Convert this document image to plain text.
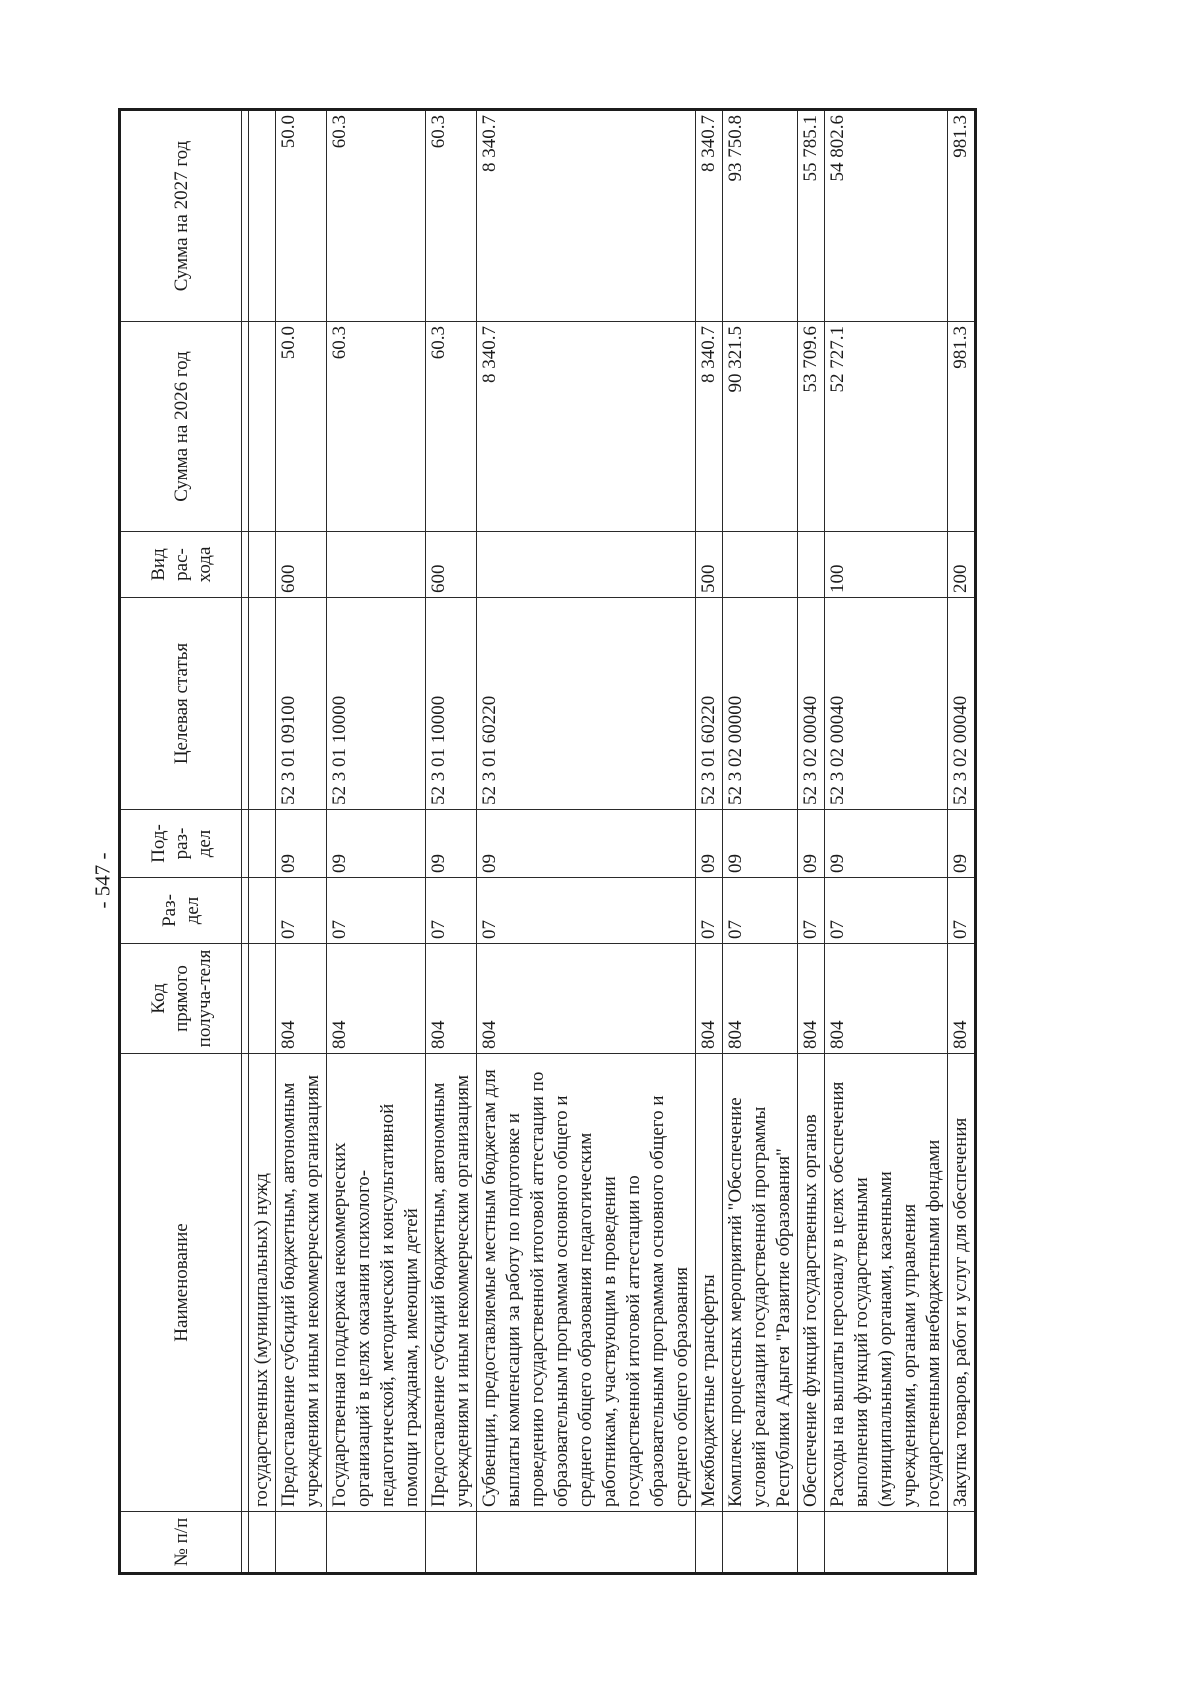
- 547 -
№ п/п	Наименование	Код прямого получа-теля	Раз-дел	Под-раз-дел	Целевая статья	Вид рас-хода	Сумма на 2026 год	Сумма на 2027 год

	государственных (муниципальных) нужд							
	Предоставление субсидий бюджетным, автономным учреждениям и иным некоммерческим организациям	804	07	09	52 3 01 09100	600	50.0	50.0
	Государственная поддержка некоммерческих организаций в целях оказания психолого-педагогической, методической и консультативной помощи гражданам, имеющим детей	804	07	09	52 3 01 10000		60.3	60.3
	Предоставление субсидий бюджетным, автономным учреждениям и иным некоммерческим организациям	804	07	09	52 3 01 10000	600	60.3	60.3
	Субвенции, предоставляемые местным бюджетам для выплаты компенсации за работу по подготовке и проведению государственной итоговой аттестации по образовательным программам основного общего и среднего общего образования педагогическим работникам, участвующим в проведении государственной итоговой аттестации по образовательным программам основного общего и среднего общего образования	804	07	09	52 3 01 60220		8 340.7	8 340.7
	Межбюджетные трансферты	804	07	09	52 3 01 60220	500	8 340.7	8 340.7
	Комплекс процессных мероприятий "Обеспечение условий реализации государственной программы Республики Адыгея "Развитие образования"	804	07	09	52 3 02 00000		90 321.5	93 750.8
	Обеспечение функций государственных органов	804	07	09	52 3 02 00040		53 709.6	55 785.1
	Расходы на выплаты персоналу в целях обеспечения выполнения функций государственными (муниципальными) органами, казенными учреждениями, органами управления государственными внебюджетными фондами	804	07	09	52 3 02 00040	100	52 727.1	54 802.6
	Закупка товаров, работ и услуг для обеспечения	804	07	09	52 3 02 00040	200	981.3	981.3
